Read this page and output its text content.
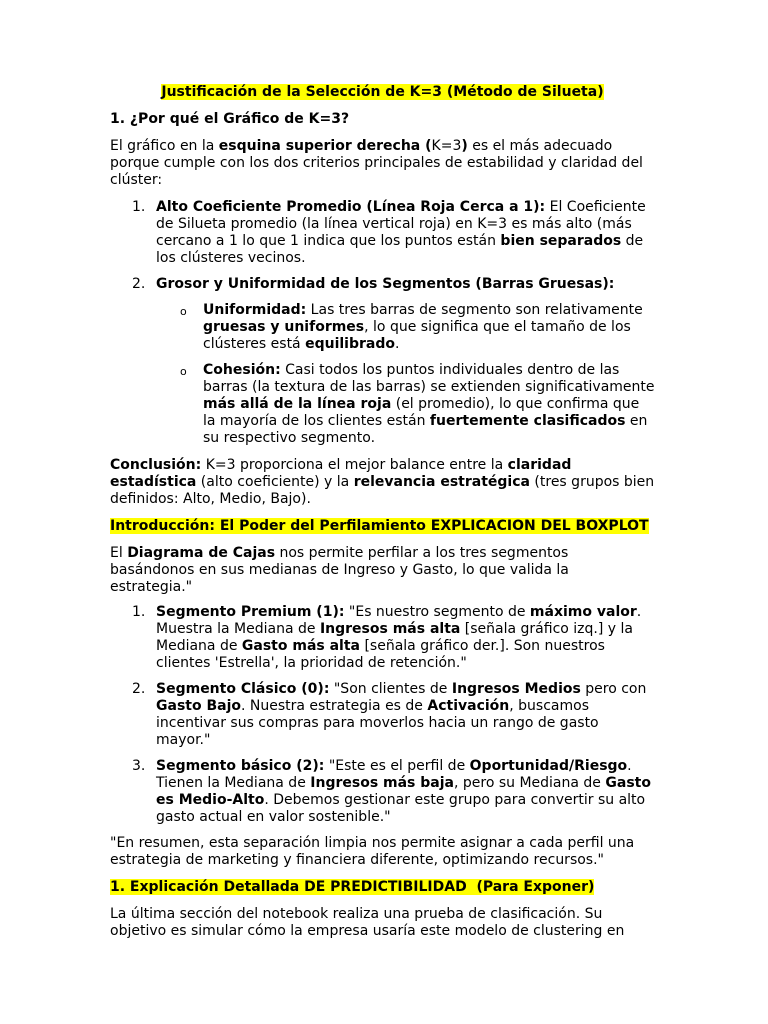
Justificación de la Selección de K=3 (Método de Silueta)

1. ¿Por qué el Gráfico de K=3?

El gráfico en la esquina superior derecha (K=3) es el más adecuado porque cumple con los dos criterios principales de estabilidad y claridad del clúster:

1. Alto Coeficiente Promedio (Línea Roja Cerca a 1): El Coeficiente de Silueta promedio (la línea vertical roja) en K=3 es más alto (más cercano a 1 lo que 1 indica que los puntos están bien separados de los clústeres vecinos.
2. Grosor y Uniformidad de los Segmentos (Barras Gruesas):
o Uniformidad: Las tres barras de segmento son relativamente gruesas y uniformes, lo que significa que el tamaño de los clústeres está equilibrado.
o Cohesión: Casi todos los puntos individuales dentro de las barras (la textura de las barras) se extienden significativamente más allá de la línea roja (el promedio), lo que confirma que la mayoría de los clientes están fuertemente clasificados en su respectivo segmento.

Conclusión: K=3 proporciona el mejor balance entre la claridad estadística (alto coeficiente) y la relevancia estratégica (tres grupos bien definidos: Alto, Medio, Bajo).

Introducción: El Poder del Perfilamiento EXPLICACION DEL BOXPLOT

El Diagrama de Cajas nos permite perfilar a los tres segmentos basándonos en sus medianas de Ingreso y Gasto, lo que valida la estrategia."

1. Segmento Premium (1): "Es nuestro segmento de máximo valor. Muestra la Mediana de Ingresos más alta [señala gráfico izq.] y la Mediana de Gasto más alta [señala gráfico der.]. Son nuestros clientes 'Estrella', la prioridad de retención."
2. Segmento Clásico (0): "Son clientes de Ingresos Medios pero con Gasto Bajo. Nuestra estrategia es de Activación, buscamos incentivar sus compras para moverlos hacia un rango de gasto mayor."
3. Segmento básico (2): "Este es el perfil de Oportunidad/Riesgo. Tienen la Mediana de Ingresos más baja, pero su Mediana de Gasto es Medio-Alto. Debemos gestionar este grupo para convertir su alto gasto actual en valor sostenible."

"En resumen, esta separación limpia nos permite asignar a cada perfil una estrategia de marketing y financiera diferente, optimizando recursos."

1. Explicación Detallada DE PREDICTIBILIDAD  (Para Exponer)

La última sección del notebook realiza una prueba de clasificación. Su objetivo es simular cómo la empresa usaría este modelo de clustering en
